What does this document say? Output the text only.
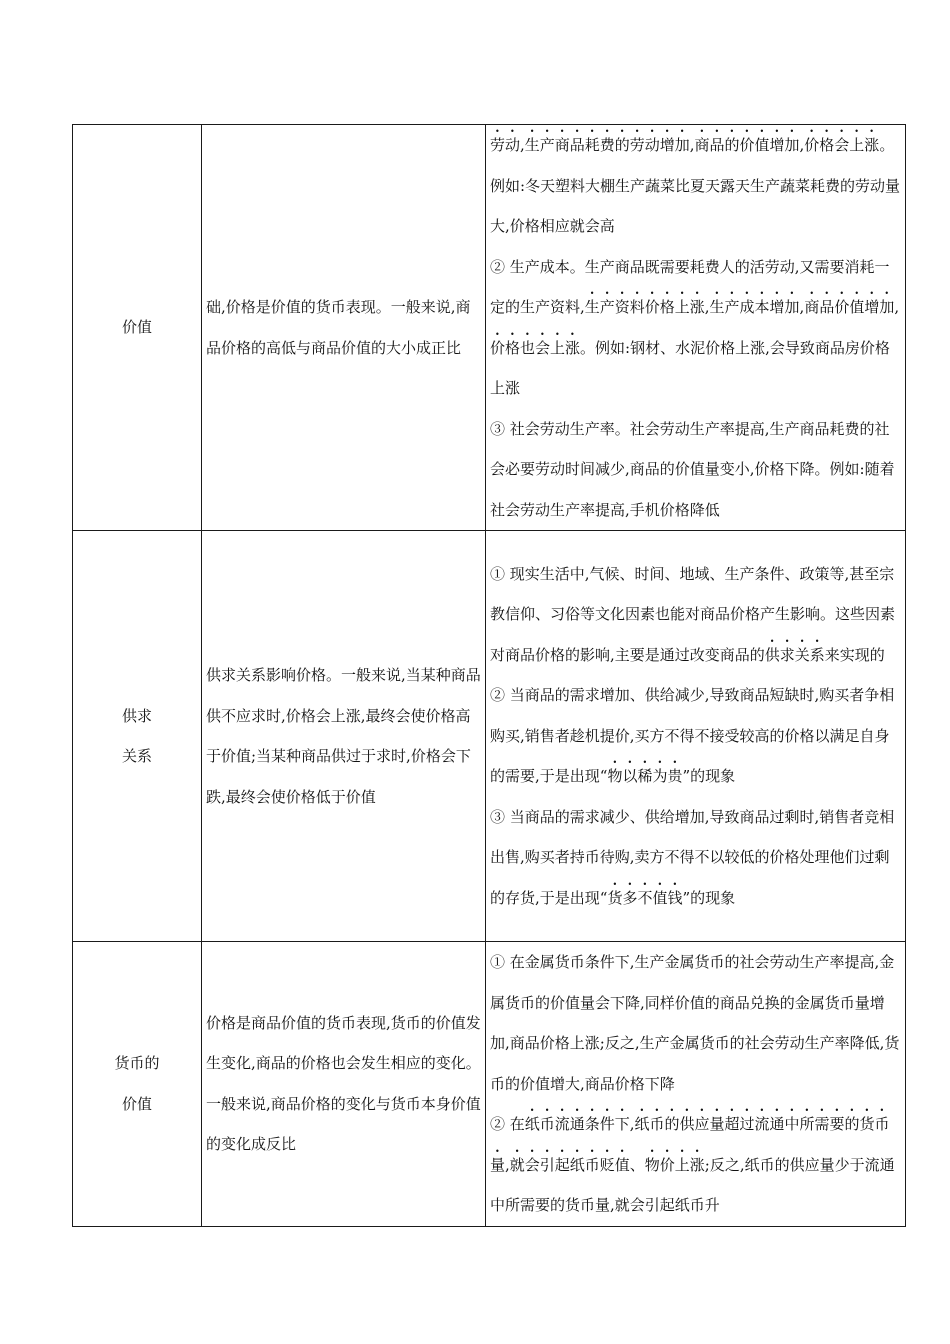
价值	础,价格是价值的货币表现。一般来说,商品价格的高低与商品价值的大小成正比	劳动,生产商品耗费的劳动增加,商品的价值增加,价格会上涨。例如:冬天塑料大棚生产蔬菜比夏天露天生产蔬菜耗费的劳动量大,价格相应就会高
② 生产成本。生产商品既需要耗费人的活劳动,又需要消耗一定的生产资料,生产资料价格上涨,生产成本增加,商品价值增加,价格也会上涨。例如:钢材、水泥价格上涨,会导致商品房价格上涨
③ 社会劳动生产率。社会劳动生产率提高,生产商品耗费的社会必要劳动时间减少,商品的价值量变小,价格下降。例如:随着社会劳动生产率提高,手机价格降低

供求
关系	供求关系影响价格。一般来说,当某种商品供不应求时,价格会上涨,最终会使价格高于价值;当某种商品供过于求时,价格会下跌,最终会使价格低于价值	① 现实生活中,气候、时间、地域、生产条件、政策等,甚至宗教信仰、习俗等文化因素也能对商品价格产生影响。这些因素对商品价格的影响,主要是通过改变商品的供求关系来实现的
② 当商品的需求增加、供给减少,导致商品短缺时,购买者争相购买,销售者趁机提价,买方不得不接受较高的价格以满足自身的需要,于是出现“物以稀为贵”的现象
③ 当商品的需求减少、供给增加,导致商品过剩时,销售者竞相出售,购买者持币待购,卖方不得不以较低的价格处理他们过剩的存货,于是出现“货多不值钱”的现象

货币的
价值	价格是商品价值的货币表现,货币的价值发生变化,商品的价格也会发生相应的变化。一般来说,商品价格的变化与货币本身价值的变化成反比	① 在金属货币条件下,生产金属货币的社会劳动生产率提高,金属货币的价值量会下降,同样价值的商品兑换的金属货币量增加,商品价格上涨;反之,生产金属货币的社会劳动生产率降低,货币的价值增大,商品价格下降
② 在纸币流通条件下,纸币的供应量超过流通中所需要的货币量,就会引起纸币贬值、物价上涨;反之,纸币的供应量少于流通中所需要的货币量,就会引起纸币升
